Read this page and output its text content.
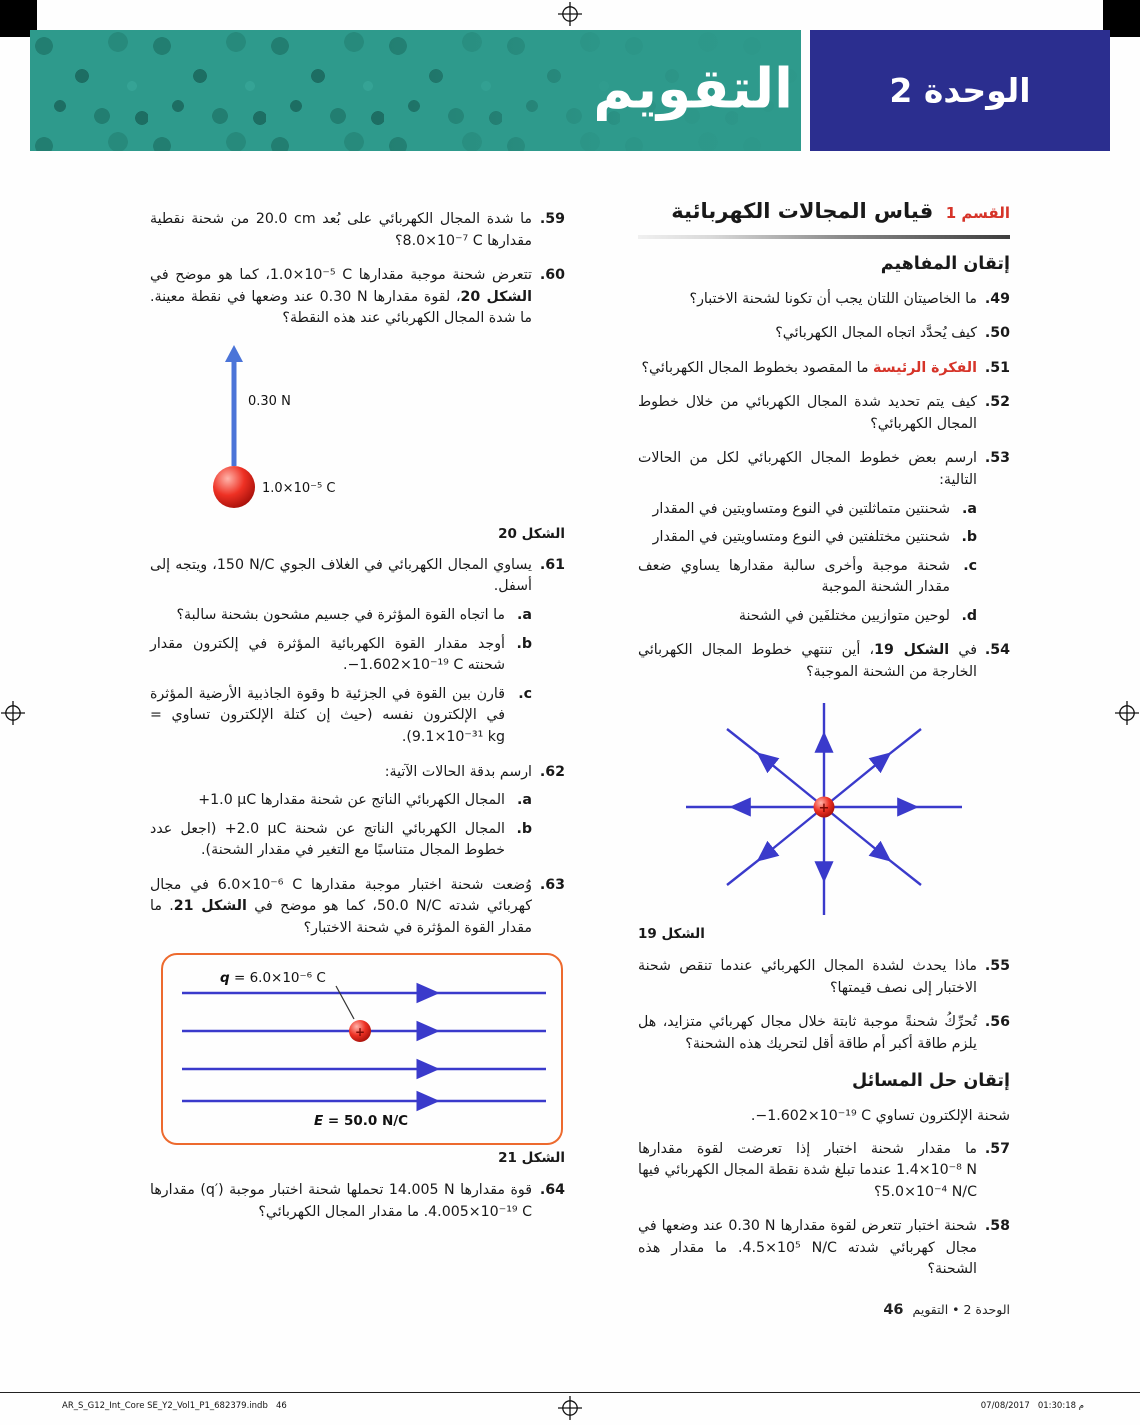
التقويم	الوحدة 2
القسم 1 قياس المجالات الكهربائية
إتقان المفاهيم
49.
ما الخاصيتان اللتان يجب أن تكونا لشحنة الاختبار؟
50.
كيف يُحدَّد اتجاه المجال الكهربائي؟
51.
الفكرة الرئيسة ما المقصود بخطوط المجال الكهربائي؟
52.
كيف يتم تحديد شدة المجال الكهربائي من خلال خطوط المجال الكهربائي؟
53.
ارسم بعض خطوط المجال الكهربائي لكل من الحالات التالية:
a.
شحنتين متماثلتين في النوع ومتساويتين في المقدار
b.
شحنتين مختلفتين في النوع ومتساويتين في المقدار
c.
شحنة موجبة وأخرى سالبة مقدارها يساوي ضعف مقدار الشحنة الموجبة
d.
لوحين متوازيين مختلفَين في الشحنة
54.
في الشكل 19، أين تنتهي خطوط المجال الكهربائي الخارجة من الشحنة الموجبة؟
+
الشكل 19
55.
ماذا يحدث لشدة المجال الكهربائي عندما تنقص شحنة الاختبار إلى نصف قيمتها؟
56.
تُحرِّكُ شحنةً موجبة ثابتة خلال مجال كهربائي متزايد، هل يلزم طاقة أكبر أم طاقة أقل لتحريك هذه الشحنة؟
إتقان حل المسائل
شحنة الإلكترون تساوي ‎−1.602×10⁻¹⁹ C‎.
57.
ما مقدار شحنة اختبار إذا تعرضت لقوة مقدارها ‎1.4×10⁻⁸ N‎ عندما تبلغ شدة نقطة المجال الكهربائي فيها ‎5.0×10⁻⁴ N/C‎؟
58.
شحنة اختبار تتعرض لقوة مقدارها ‎0.30 N‎ عند وضعها في مجال كهربائي شدته ‎4.5×10⁵ N/C‎. ما مقدار هذه الشحنة؟
59.
ما شدة المجال الكهربائي على بُعد ‎20.0 cm‎ من شحنة نقطية مقدارها ‎8.0×10⁻⁷ C‎؟
60.
تتعرض شحنة موجبة مقدارها ‎1.0×10⁻⁵ C‎، كما هو موضح في الشكل 20، لقوة مقدارها ‎0.30 N‎ عند وضعها في نقطة معينة. ما شدة المجال الكهربائي عند هذه النقطة؟
0.30 N
1.0×10⁻⁵ C
الشكل 20
61.
يساوي المجال الكهربائي في الغلاف الجوي ‎150 N/C‎، ويتجه إلى أسفل.
a.
ما اتجاه القوة المؤثرة في جسيم مشحون بشحنة سالبة؟
b.
أوجد مقدار القوة الكهربائية المؤثرة في إلكترون مقدار شحنته ‎−1.602×10⁻¹⁹ C‎.
c.
قارن بين القوة في الجزئية b وقوة الجاذبية الأرضية المؤثرة في الإلكترون نفسه (حيث إن كتلة الإلكترون تساوي = ‎9.1×10⁻³¹ kg‎).
62.
ارسم بدقة الحالات الآتية:
a.
المجال الكهربائي الناتج عن شحنة مقدارها ‎+1.0 μC‎
b.
المجال الكهربائي الناتج عن شحنة ‎+2.0 μC‎ (اجعل عدد خطوط المجال متناسبًا مع التغير في مقدار الشحنة).
63.
وُضعت شحنة اختبار موجبة مقدارها ‎6.0×10⁻⁶ C‎ في مجال كهربائي شدته ‎50.0 N/C‎، كما هو موضح في الشكل 21. ما مقدار القوة المؤثرة في شحنة الاختبار؟
+
q = 6.0×10⁻⁶ C
E = 50.0 N/C
الشكل 21
64.
قوة مقدارها ‎14.005 N‎ تحملها شحنة اختبار موجبة ‎(q′)‎ مقدارها ‎4.005×10⁻¹⁹ C‎. ما مقدار المجال الكهربائي؟
الوحدة 2 • التقويم46
AR_S_G12_Int_Core SE_Y2_Vol1_P1_682379.indb   46	07/08/2017   01:30:18 م
